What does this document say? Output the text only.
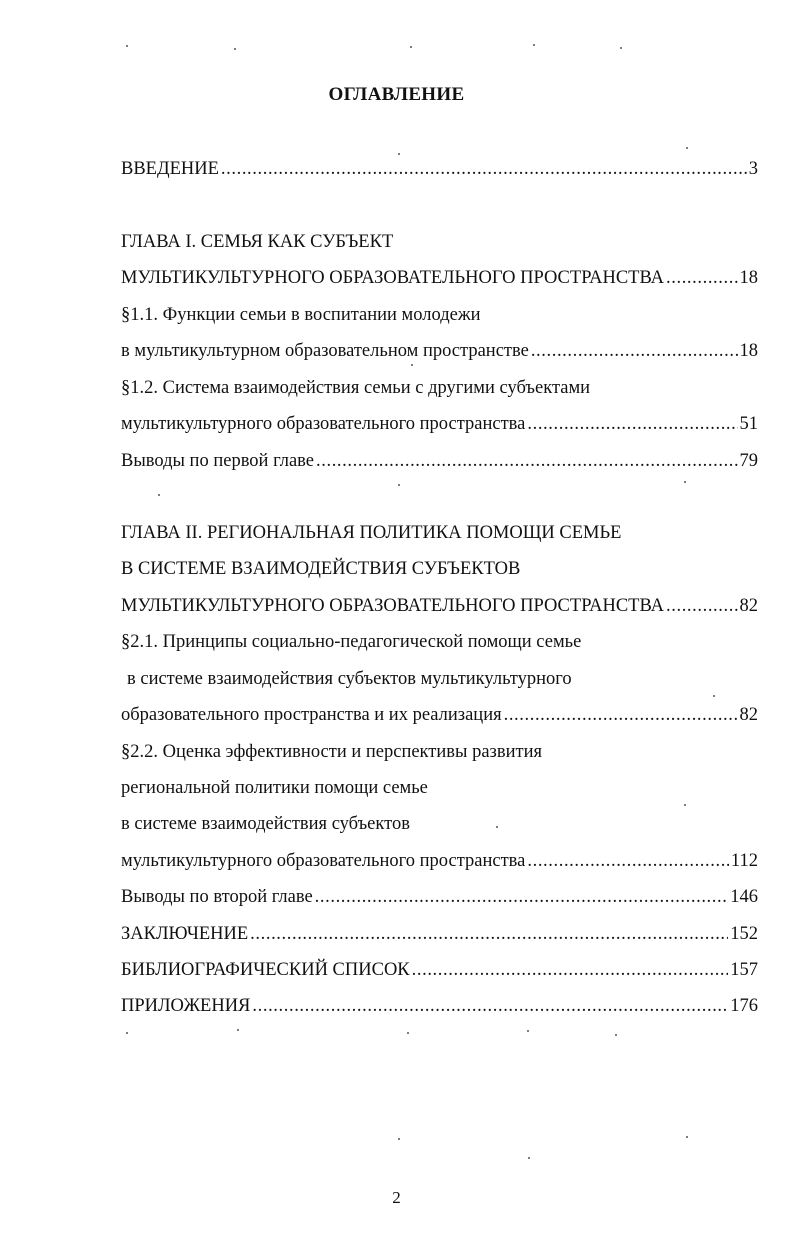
ОГЛАВЛЕНИЕ
ВВЕДЕНИЕ .....	3
ГЛАВА I. СЕМЬЯ КАК СУБЪЕКТ
МУЛЬТИКУЛЬТУРНОГО ОБРАЗОВАТЕЛЬНОГО ПРОСТРАНСТВА .....	18
§1.1. Функции семьи в воспитании молодежи
в мультикультурном образовательном пространстве .....	18
§1.2. Система взаимодействия семьи с другими субъектами
мультикультурного образовательного пространства .....	51
Выводы по первой главе .....	79
ГЛАВА II. РЕГИОНАЛЬНАЯ ПОЛИТИКА ПОМОЩИ СЕМЬЕ
В СИСТЕМЕ ВЗАИМОДЕЙСТВИЯ СУБЪЕКТОВ
МУЛЬТИКУЛЬТУРНОГО ОБРАЗОВАТЕЛЬНОГО ПРОСТРАНСТВА .....	82
§2.1. Принципы социально-педагогической помощи семье
в системе взаимодействия субъектов мультикультурного
образовательного пространства и их реализация .....	82
§2.2. Оценка эффективности и перспективы развития
региональной политики помощи семье
в системе взаимодействия субъектов
мультикультурного образовательного пространства .....	112
Выводы по второй главе .....	146
ЗАКЛЮЧЕНИЕ .....	152
БИБЛИОГРАФИЧЕСКИЙ СПИСОК .....	157
ПРИЛОЖЕНИЯ .....	176
2
